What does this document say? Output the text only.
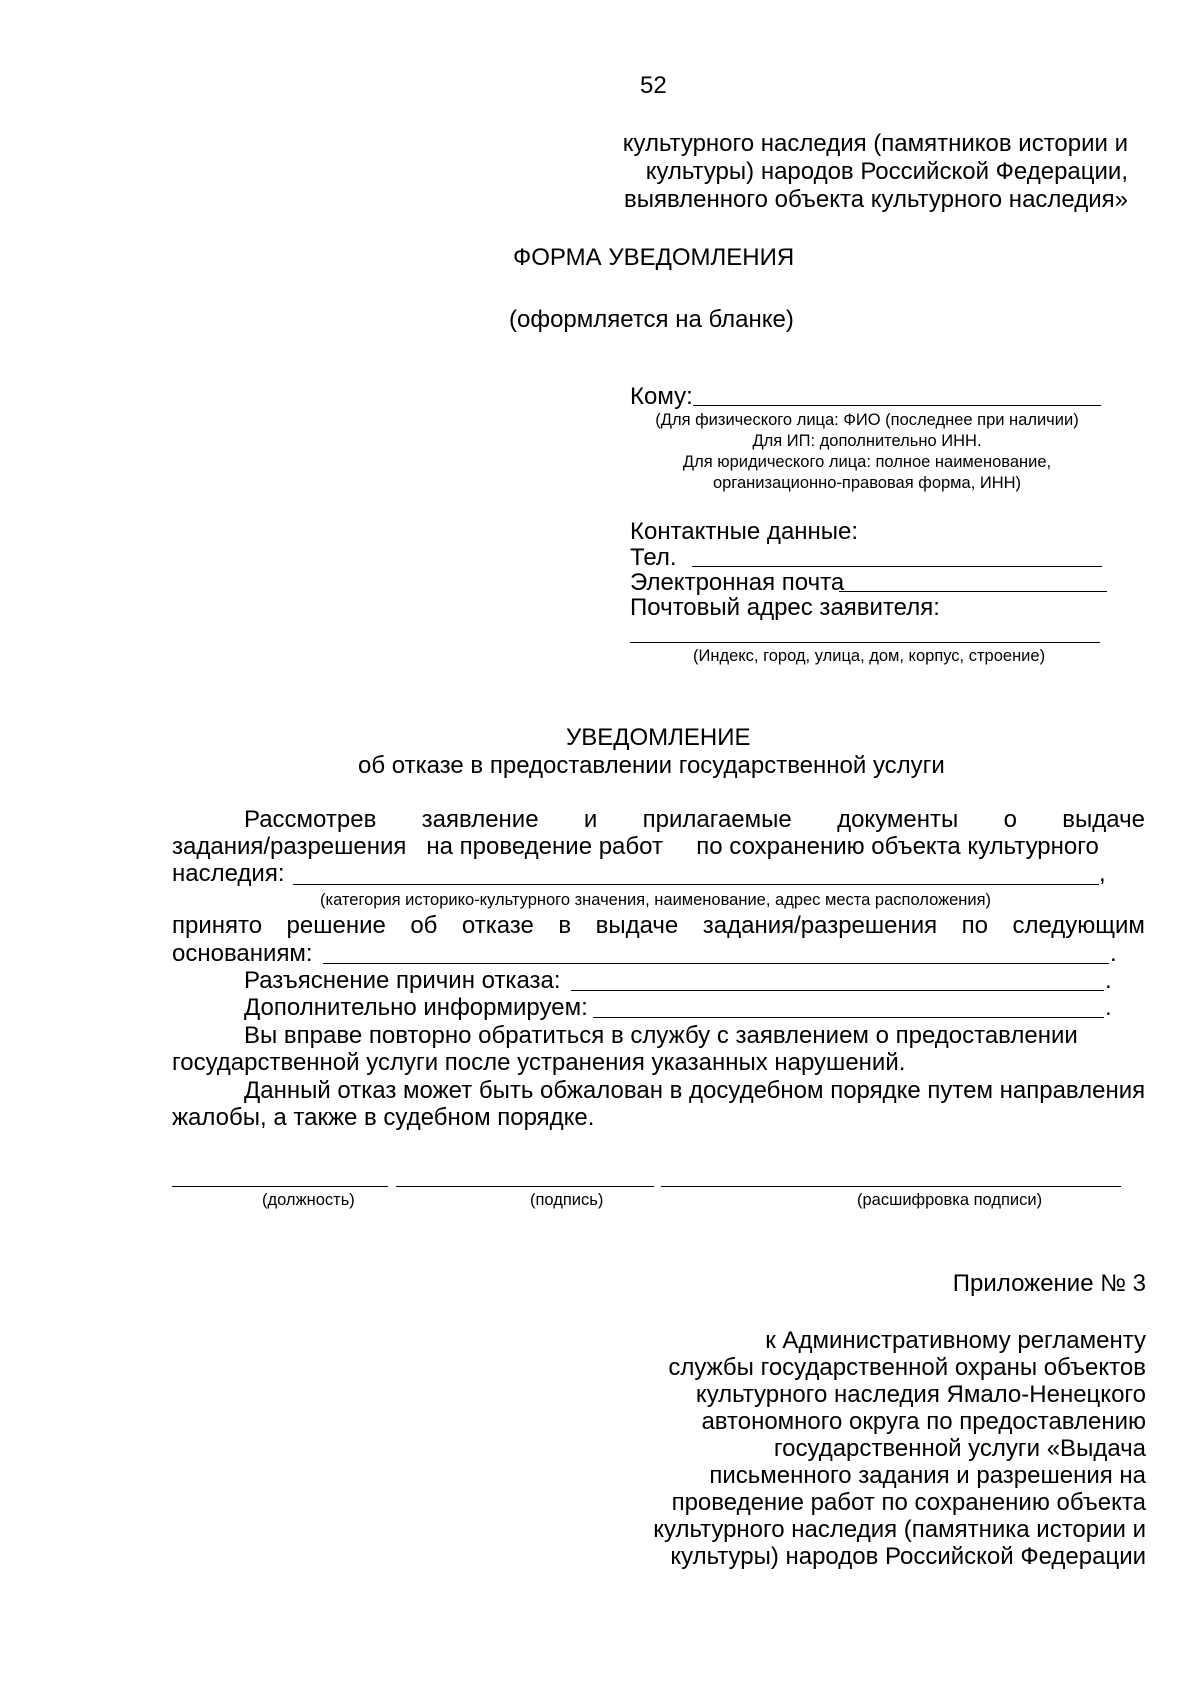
52
культурного наследия (памятников истории и
культуры) народов Российской Федерации,
выявленного объекта культурного наследия»
ФОРМА УВЕДОМЛЕНИЯ
(оформляется на бланке)
Кому:
(Для физического лица: ФИО (последнее при наличии)
Для ИП: дополнительно ИНН.
Для юридического лица: полное наименование,
организационно-правовая форма, ИНН)
Контактные данные:
Тел.
Электронная почта
Почтовый адрес заявителя:
(Индекс, город, улица, дом, корпус, строение)
УВЕДОМЛЕНИЕ
об отказе в предоставлении государственной услуги
Рассмотрев заявление и прилагаемые документы о выдаче
задания/разрешения   на проведение работ     по сохранению объекта культурного
наследия:	,
(категория историко-культурного значения, наименование, адрес места расположения)
принято решение об отказе в выдаче задания/разрешения по следующим
основаниям:	.
Разъяснение причин отказа:	.
Дополнительно информируем:	.
Вы вправе повторно обратиться в службу с заявлением о предоставлении
государственной услуги после устранения указанных нарушений.
Данный отказ может быть обжалован в досудебном порядке путем направления
жалобы, а также в судебном порядке.
(должность)	(подпись)	(расшифровка подписи)
Приложение № 3
к Административному регламенту
службы государственной охраны объектов
культурного наследия Ямало-Ненецкого
автономного округа по предоставлению
государственной услуги «Выдача
письменного задания и разрешения на
проведение работ по сохранению объекта
культурного наследия (памятника истории и
культуры) народов Российской Федерации
